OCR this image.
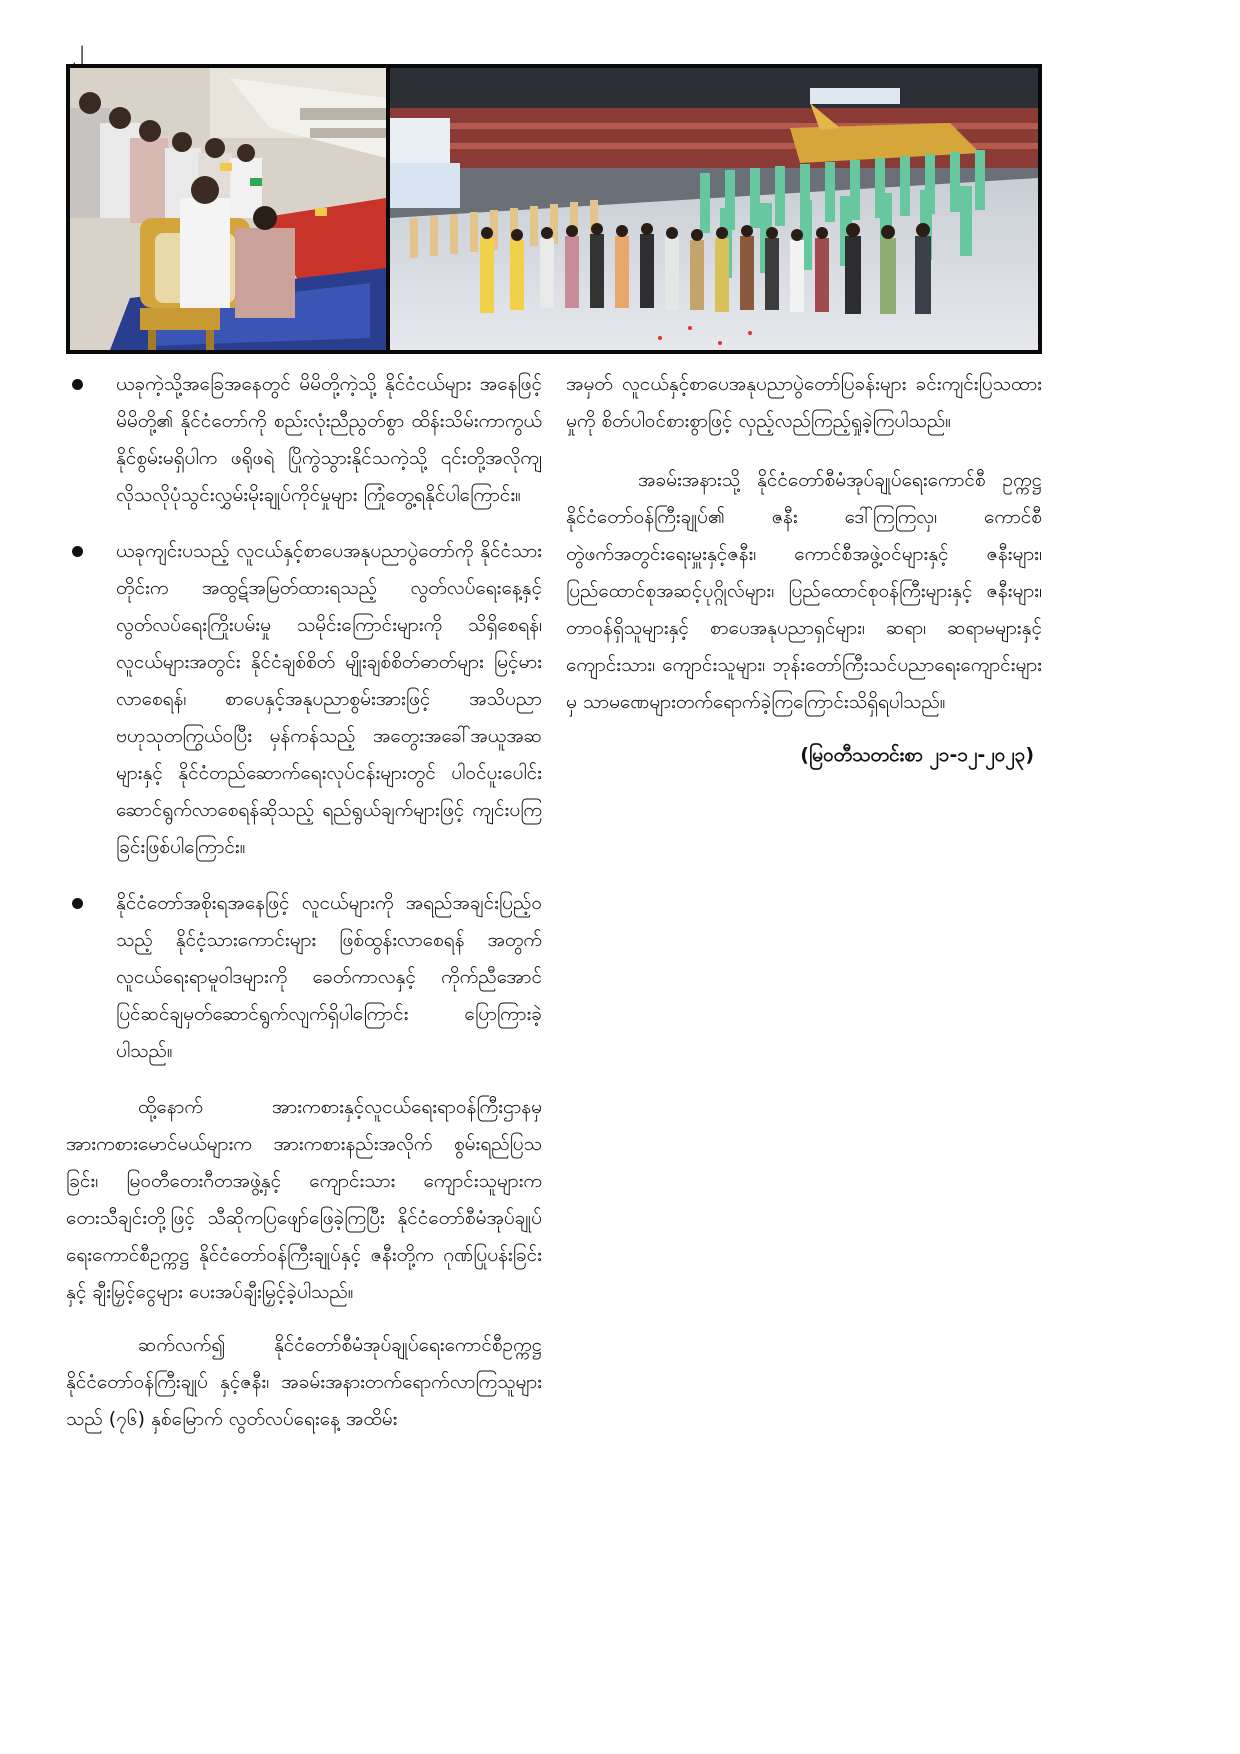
၂
ယခုကဲ့သို့အခြေအနေတွင် မိမိတို့ကဲ့သို့ နိုင်ငံငယ်များ အနေဖြင့် မိမိတို့၏ နိုင်ငံတော်ကို စည်းလုံးညီညွတ်စွာ ထိန်းသိမ်းကာကွယ်နိုင်စွမ်းမရှိပါက ဖရိုဖရဲ ပြိုကွဲသွားနိုင်သကဲ့သို့ ၎င်းတို့အလိုကျ လိုသလိုပုံသွင်းလွှမ်းမိုးချုပ်ကိုင်မှုများ ကြုံတွေ့ရနိုင်ပါကြောင်း။
ယခုကျင်းပသည့် လူငယ်နှင့်စာပေအနုပညာပွဲတော်ကို နိုင်ငံသားတိုင်းက အထွဋ်အမြတ်ထားရသည့် လွတ်လပ်ရေးနေ့နှင့် လွတ်လပ်ရေးကြိုးပမ်းမှု သမိုင်းကြောင်းများကို သိရှိစေရန်၊ လူငယ်များအတွင်း နိုင်ငံချစ်စိတ် မျိုးချစ်စိတ်ဓာတ်များ မြင့်မားလာစေရန်၊ စာပေနှင့်အနုပညာစွမ်းအားဖြင့် အသိပညာဗဟုသုတကြွယ်ဝပြီး မှန်ကန်သည့် အတွေးအခေါ်အယူအဆများနှင့် နိုင်ငံတည်ဆောက်ရေးလုပ်ငန်းများတွင် ပါဝင်ပူးပေါင်းဆောင်ရွက်လာစေရန်ဆိုသည့် ရည်ရွယ်ချက်များဖြင့် ကျင်းပကြခြင်းဖြစ်ပါကြောင်း။
နိုင်ငံတော်အစိုးရအနေဖြင့် လူငယ်များကို အရည်အချင်းပြည့်ဝသည့် နိုင်ငံ့သားကောင်းများ ဖြစ်ထွန်းလာစေရန် အတွက် လူငယ်ရေးရာမူဝါဒများကို ခေတ်ကာလနှင့် ကိုက်ညီအောင် ပြင်ဆင်ချမှတ်ဆောင်ရွက်လျက်ရှိပါကြောင်း ပြောကြားခဲ့ပါသည်။

ထို့နောက် အားကစားနှင့်လူငယ်ရေးရာဝန်ကြီးဌာနမှ အားကစားမောင်မယ်များက အားကစားနည်းအလိုက် စွမ်းရည်ပြသခြင်း၊ မြဝတီတေးဂီတအဖွဲ့နှင့် ကျောင်းသား ကျောင်းသူများက တေးသီချင်းတို့ဖြင့် သီဆိုကပြဖျော်ဖြေခဲ့ကြပြီး နိုင်ငံတော်စီမံအုပ်ချုပ်ရေးကောင်စီဥက္ကဋ္ဌ နိုင်ငံတော်ဝန်ကြီးချုပ်နှင့် ဇနီးတို့က ဂုဏ်ပြုပန်းခြင်းနှင့် ချီးမြှင့်ငွေများ ပေးအပ်ချီးမြှင့်ခဲ့ပါသည်။

ဆက်လက်၍ နိုင်ငံတော်စီမံအုပ်ချုပ်ရေးကောင်စီဥက္ကဋ္ဌ နိုင်ငံတော်ဝန်ကြီးချုပ် နှင့်ဇနီး၊ အခမ်းအနားတက်ရောက်လာကြသူများသည် (၇၆) နှစ်မြောက် လွတ်လပ်ရေးနေ့ အထိမ်း

အမှတ် လူငယ်နှင့်စာပေအနုပညာပွဲတော်ပြခန်းများ ခင်းကျင်းပြသထားမှုကို စိတ်ပါဝင်စားစွာဖြင့် လှည့်လည်ကြည့်ရှုခဲ့ကြပါသည်။

အခမ်းအနားသို့ နိုင်ငံတော်စီမံအုပ်ချုပ်ရေးကောင်စီ ဥက္ကဋ္ဌ နိုင်ငံတော်ဝန်ကြီးချုပ်၏ ဇနီး ဒေါ်ကြကြလှ၊ ကောင်စီတွဲဖက်အတွင်းရေးမှူးနှင့်ဇနီး၊ ကောင်စီအဖွဲ့ဝင်များနှင့် ဇနီးများ၊ ပြည်ထောင်စုအဆင့်ပုဂ္ဂိုလ်များ၊ ပြည်ထောင်စုဝန်ကြီးများနှင့် ဇနီးများ၊ တာဝန်ရှိသူများနှင့် စာပေအနုပညာရှင်များ၊ ဆရာ၊ ဆရာမများနှင့် ကျောင်းသား၊ ကျောင်းသူများ၊ ဘုန်းတော်ကြီးသင်ပညာရေးကျောင်းများမှ သာမဏေများတက်ရောက်ခဲ့ကြကြောင်းသိရှိရပါသည်။

(မြဝတီသတင်းစာ ၂၁-၁၂-၂၀၂၃)
